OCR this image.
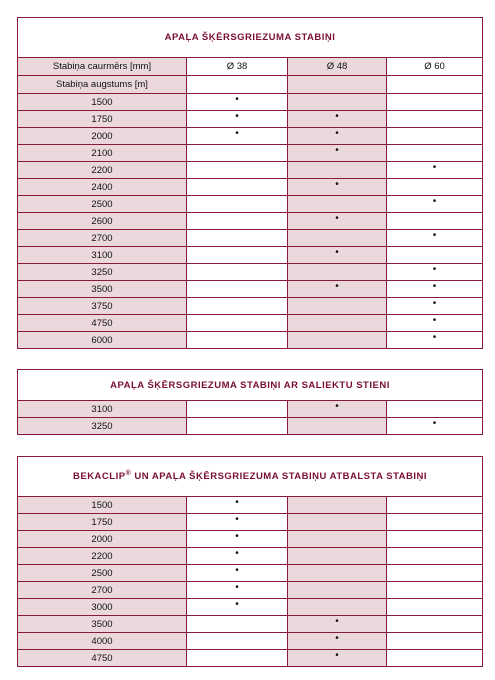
APAĻA ŠĶĒRSGRIEZUMA STABIŅI			
Stabiņa caurmērs [mm]	Ø 38	Ø 48	Ø 60
Stabiņa augstums [m]			
1500	•		
1750	•	•	
2000	•	•	
2100		•	
2200			•
2400		•	
2500			•
2600		•	
2700			•
3100		•	
3250			•
3500		•	•
3750			•
4750			•
6000			•
APAĻA ŠĶĒRSGRIEZUMA STABIŅI AR SALIEKTU STIENI			
3100		•	
3250			•
BEKACLIP® UN APAĻA ŠĶĒRSGRIEZUMA STABIŅU ATBALSTA STABIŅI			
1500	•		
1750	•		
2000	•		
2200	•		
2500	•		
2700	•		
3000	•		
3500		•	
4000		•	
4750		•	
